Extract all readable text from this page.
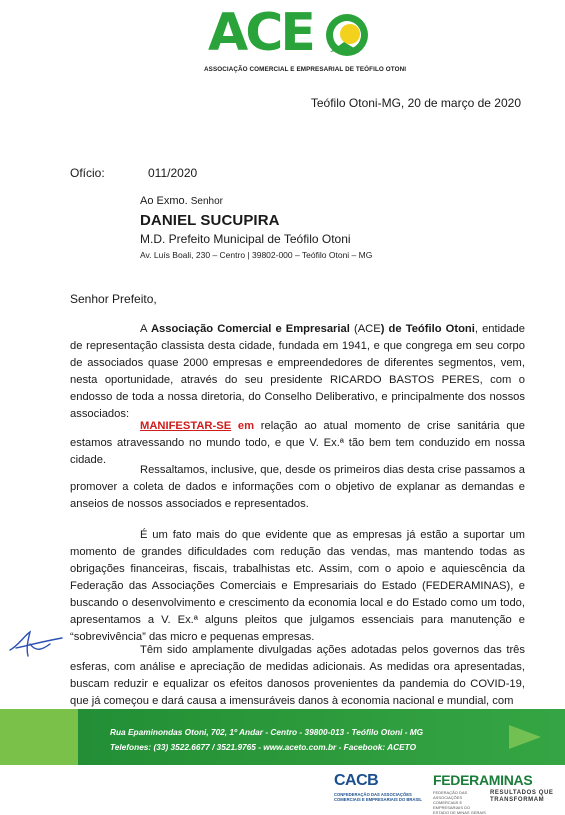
ACE
ASSOCIAÇÃO COMERCIAL E EMPRESARIAL DE TEÓFILO OTONI
Teófilo Otoni-MG, 20 de março de 2020
Ofício:	011/2020
Ao Exmo. Senhor
DANIEL SUCUPIRA
M.D. Prefeito Municipal de Teófilo Otoni
Av. Luís Boali, 230 – Centro | 39802-000 – Teófilo Otoni – MG
Senhor Prefeito,

A Associação Comercial e Empresarial (ACE) de Teófilo Otoni, entidade de representação classista desta cidade, fundada em 1941, e que congrega em seu corpo de associados quase 2000 empresas e empreendedores de diferentes segmentos, vem, nesta oportunidade, através do seu presidente RICARDO BASTOS PERES, com o endosso de toda a nossa diretoria, do Conselho Deliberativo, e principalmente dos nossos associados:

MANIFESTAR-SE em relação ao atual momento de crise sanitária que estamos atravessando no mundo todo, e que V. Ex.ª tão bem tem conduzido em nossa cidade.

Ressaltamos, inclusive, que, desde os primeiros dias desta crise passamos a promover a coleta de dados e informações com o objetivo de explanar as demandas e anseios de nossos associados e representados.

É um fato mais do que evidente que as empresas já estão a suportar um momento de grandes dificuldades com redução das vendas, mas mantendo todas as obrigações financeiras, fiscais, trabalhistas etc. Assim, com o apoio e aquiescência da Federação das Associações Comerciais e Empresariais do Estado (FEDERAMINAS), e buscando o desenvolvimento e crescimento da economia local e do Estado como um todo, apresentamos a V. Ex.ª alguns pleitos que julgamos essenciais para manutenção e “sobrevivência” das micro e pequenas empresas.

Têm sido amplamente divulgadas ações adotadas pelos governos das três esferas, com análise e apreciação de medidas adicionais. As medidas ora apresentadas, buscam reduzir e equalizar os efeitos danosos provenientes da pandemia do COVID-19, que já começou e dará causa a imensuráveis danos à economia nacional e mundial, com

Rua Epaminondas Otoni, 702, 1º Andar - Centro - 39800-013 - Teófilo Otoni - MG
Telefones: (33) 3522.6677 / 3521.9765 - www.aceto.com.br - Facebook: ACETO
CACB
CONFEDERAÇÃO DAS ASSOCIAÇÕES COMERCIAIS E EMPRESARIAIS DO BRASIL
FEDERAMINAS
FEDERAÇÃO DAS ASSOCIAÇÕES COMERCIAIS E EMPRESARIAIS DO ESTADO DE MINAS GERAIS
RESULTADOS QUE
TRANSFORMAM
